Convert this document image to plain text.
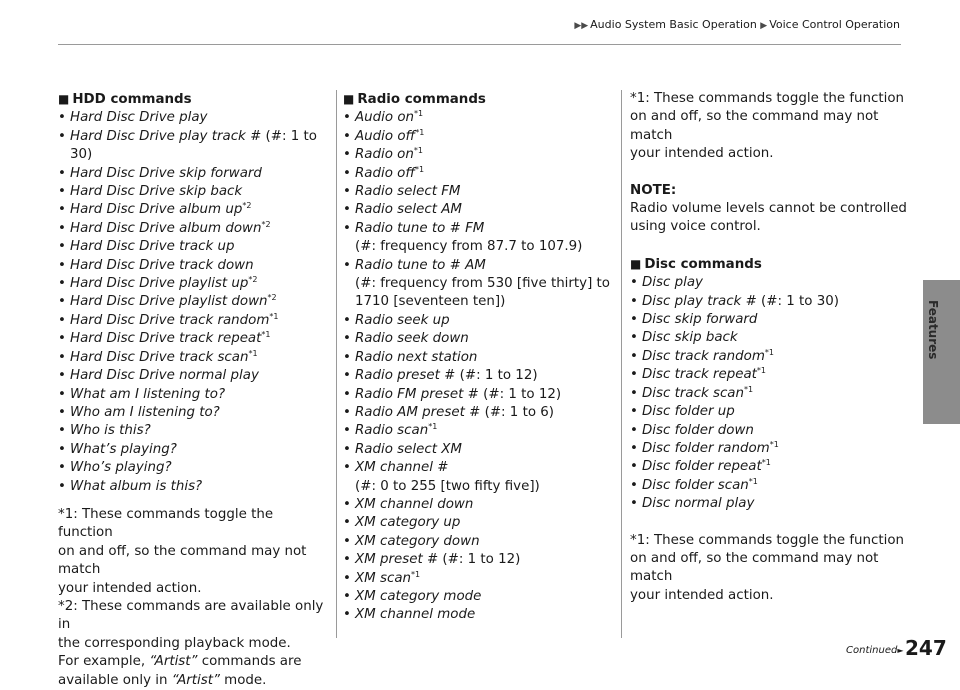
▶▶ Audio System Basic Operation ▶ Voice Control Operation
Features
■ HDD commands
• Hard Disc Drive play
• Hard Disc Drive play track # (#: 1 to 30)
• Hard Disc Drive skip forward
• Hard Disc Drive skip back
• Hard Disc Drive album up$^{*2}$
• Hard Disc Drive album down$^{*2}$
• Hard Disc Drive track up
• Hard Disc Drive track down
• Hard Disc Drive playlist up$^{*2}$
• Hard Disc Drive playlist down$^{*2}$
• Hard Disc Drive track random$^{*1}$
• Hard Disc Drive track repeat$^{*1}$
• Hard Disc Drive track scan$^{*1}$
• Hard Disc Drive normal play
• What am I listening to?
• Who am I listening to?
• Who is this?
• What’s playing?
• Who’s playing?
• What album is this?

*1: These commands toggle the function

on and off, so the command may not match

your intended action.

*2: These commands are available only in

the corresponding playback mode.

For example, “Artist” commands are

available only in “Artist” mode.

■ Radio commands
• Audio on$^{*1}$
• Audio off$^{*1}$
• Radio on$^{*1}$
• Radio off$^{*1}$
• Radio select FM
• Radio select AM
• Radio tune to # FM
(#: frequency from 87.7 to 107.9)
• Radio tune to # AM
(#: frequency from 530 [five thirty] to
1710 [seventeen ten])
• Radio seek up
• Radio seek down
• Radio next station
• Radio preset # (#: 1 to 12)
• Radio FM preset # (#: 1 to 12)
• Radio AM preset # (#: 1 to 6)
• Radio scan$^{*1}$
• Radio select XM
• XM channel #
(#: 0 to 255 [two fifty five])
• XM channel down
• XM category up
• XM category down
• XM preset # (#: 1 to 12)
• XM scan$^{*1}$
• XM category mode
• XM channel mode
*1: These commands toggle the function
on and off, so the command may not match
your intended action.
NOTE:
Radio volume levels cannot be controlled
using voice control.
■ Disc commands
• Disc play
• Disc play track # (#: 1 to 30)
• Disc skip forward
• Disc skip back
• Disc track random$^{*1}$
• Disc track repeat$^{*1}$
• Disc track scan$^{*1}$
• Disc folder up
• Disc folder down
• Disc folder random$^{*1}$
• Disc folder repeat$^{*1}$
• Disc folder scan$^{*1}$
• Disc normal play
*1: These commands toggle the function
on and off, so the command may not match
your intended action.
Continued► 247
